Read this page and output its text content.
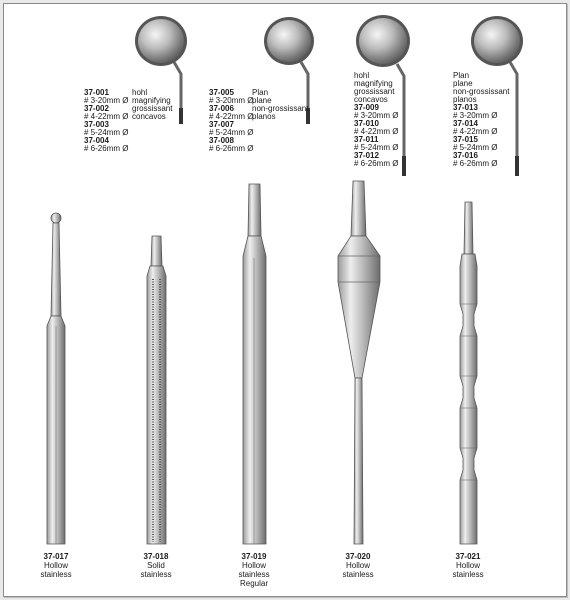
37-001
# 3-20mm Ø
37-002
# 4-22mm Ø
37-003
# 5-24mm Ø
37-004
# 6-26mm Ø
hohl
magnifying
grossissant
concavos
37-005
# 3-20mm Ø
37-006
# 4-22mm Ø
37-007
# 5-24mm Ø
37-008
# 6-26mm Ø
Plan
plane
non-grossissant
planos
hohl
magnifying
grossissant
concavos
37-009
# 3-20mm Ø
37-010
# 4-22mm Ø
37-011
# 5-24mm Ø
37-012
# 6-26mm Ø
Plan
plane
non-grossissant
planos
37-013
# 3-20mm Ø
37-014
# 4-22mm Ø
37-015
# 5-24mm Ø
37-016
# 6-26mm Ø
37-017
Hollow
stainless
37-018
Solid
stainless
37-019
Hollow
stainless
Regular
37-020
Hollow
stainless
37-021
Hollow
stainless
